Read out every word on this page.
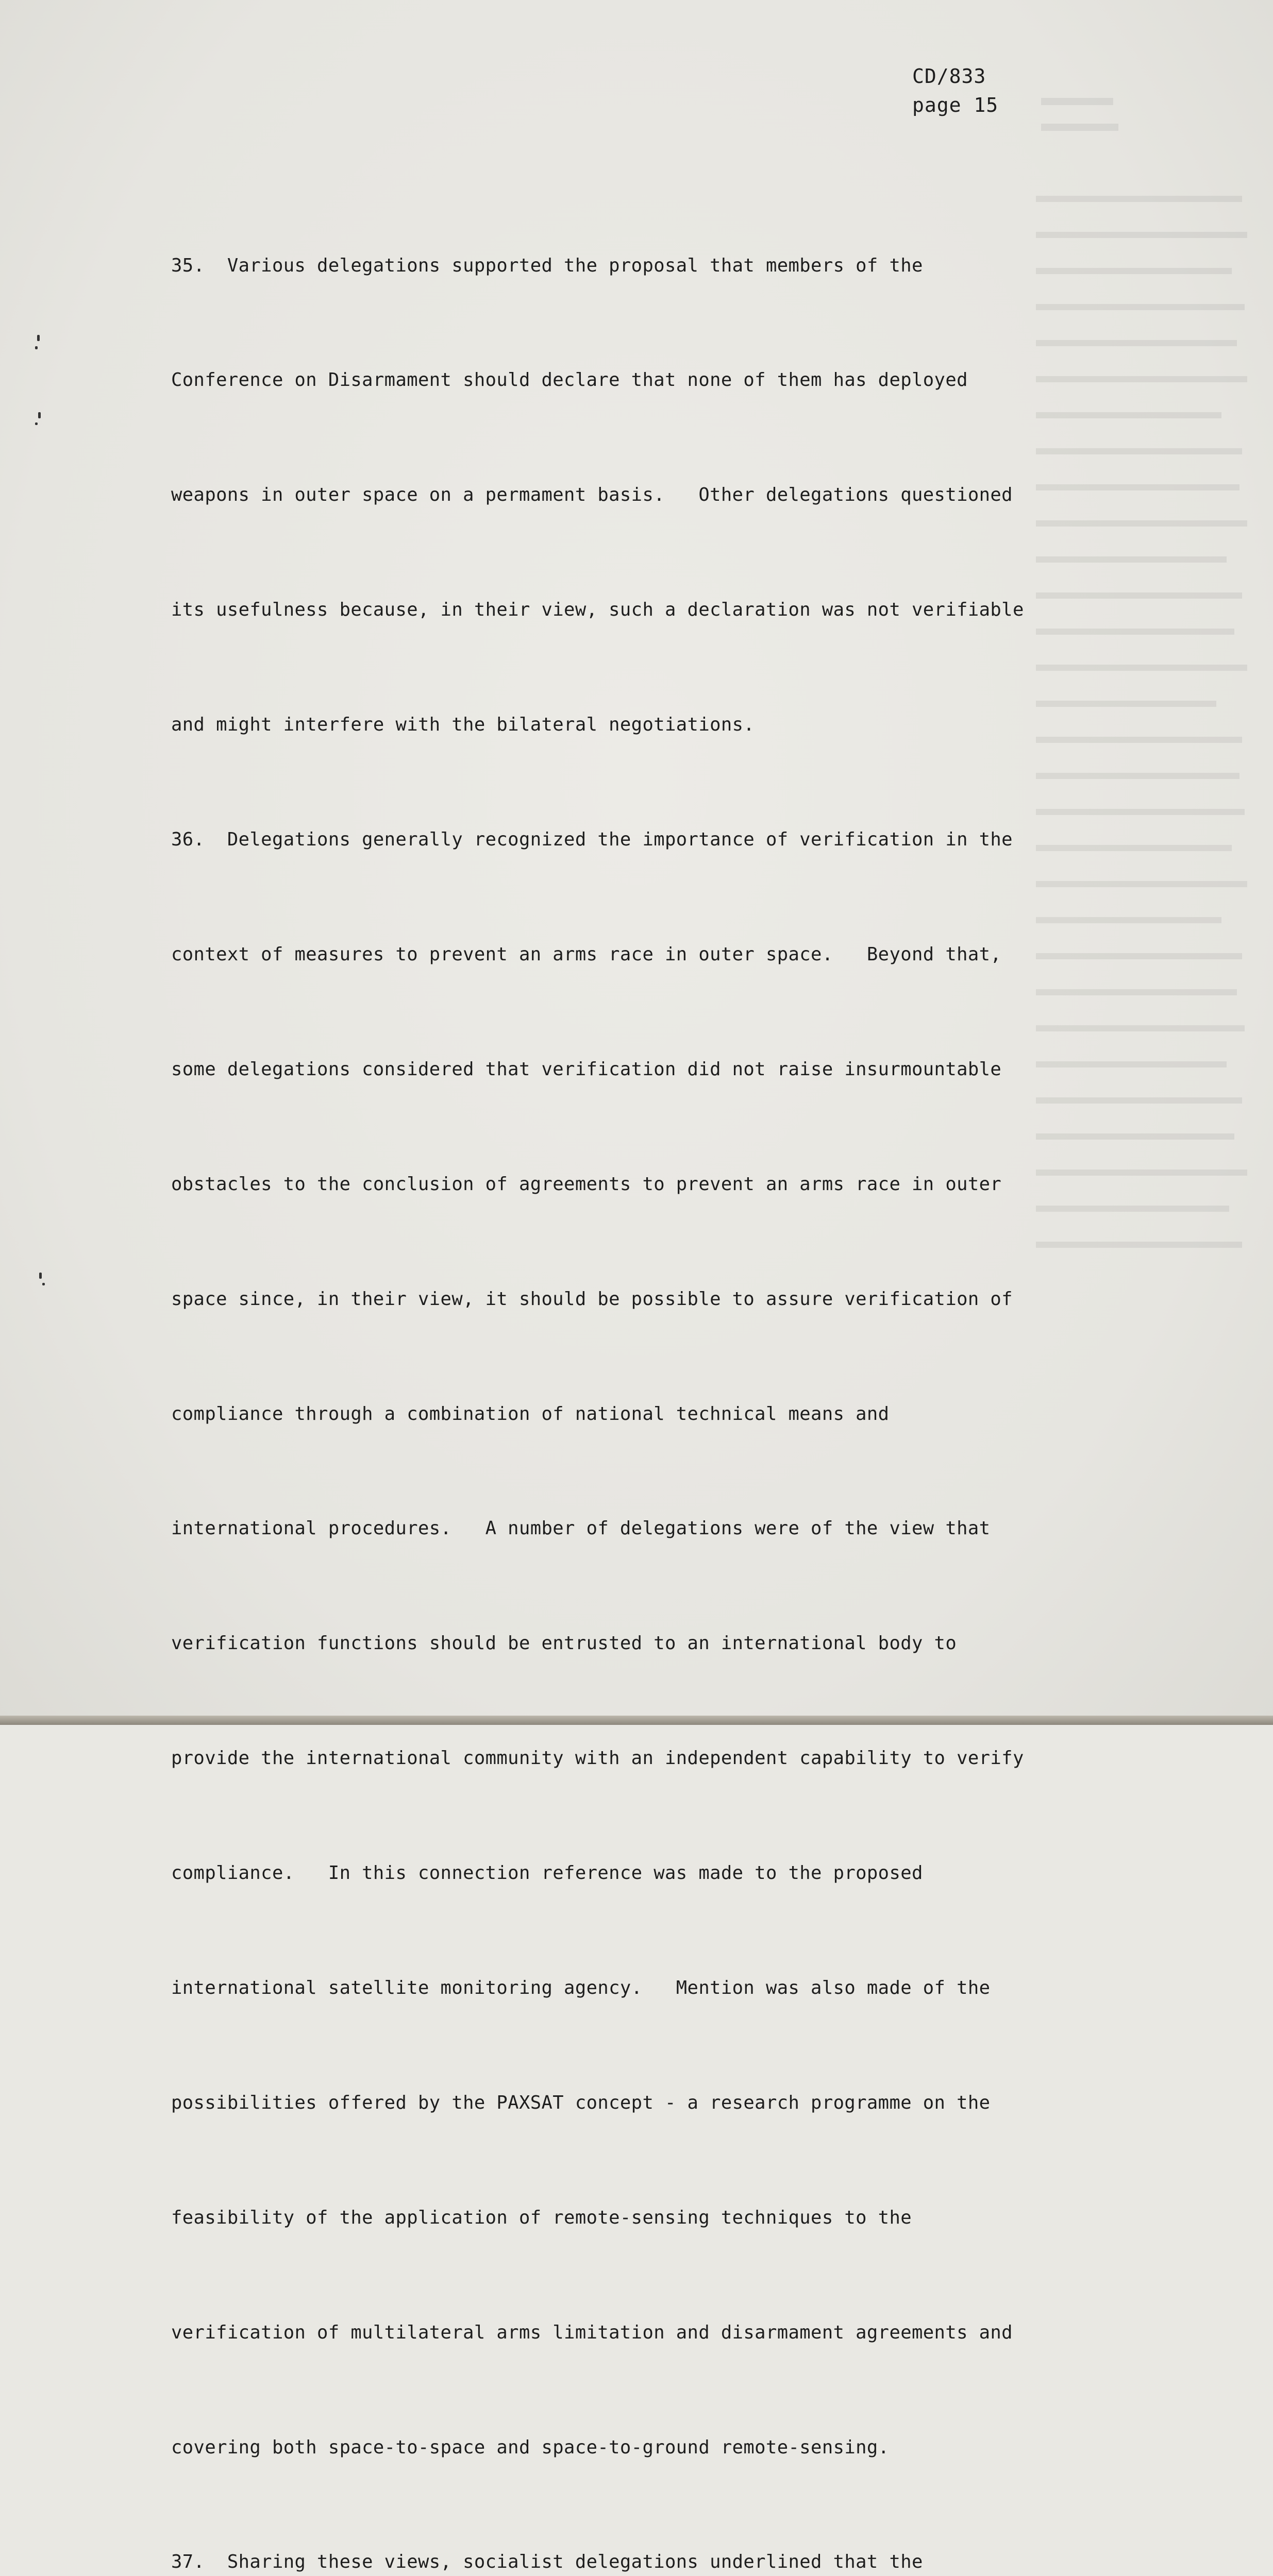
CD/833
page 15

35.  Various delegations supported the proposal that members of the

Conference on Disarmament should declare that none of them has deployed

weapons in outer space on a permament basis.   Other delegations questioned

its usefulness because, in their view, such a declaration was not verifiable

and might interfere with the bilateral negotiations.

36.  Delegations generally recognized the importance of verification in the

context of measures to prevent an arms race in outer space.   Beyond that,

some delegations considered that verification did not raise insurmountable

obstacles to the conclusion of agreements to prevent an arms race in outer

space since, in their view, it should be possible to assure verification of

compliance through a combination of national technical means and

international procedures.   A number of delegations were of the view that

verification functions should be entrusted to an international body to

provide the international community with an independent capability to verify

compliance.   In this connection reference was made to the proposed

international satellite monitoring agency.   Mention was also made of the

possibilities offered by the PAXSAT concept - a research programme on the

feasibility of the application of remote-sensing techniques to the

verification of multilateral arms limitation and disarmament agreements and

covering both space-to-space and space-to-ground remote-sensing.

37.  Sharing these views, socialist delegations underlined that the
